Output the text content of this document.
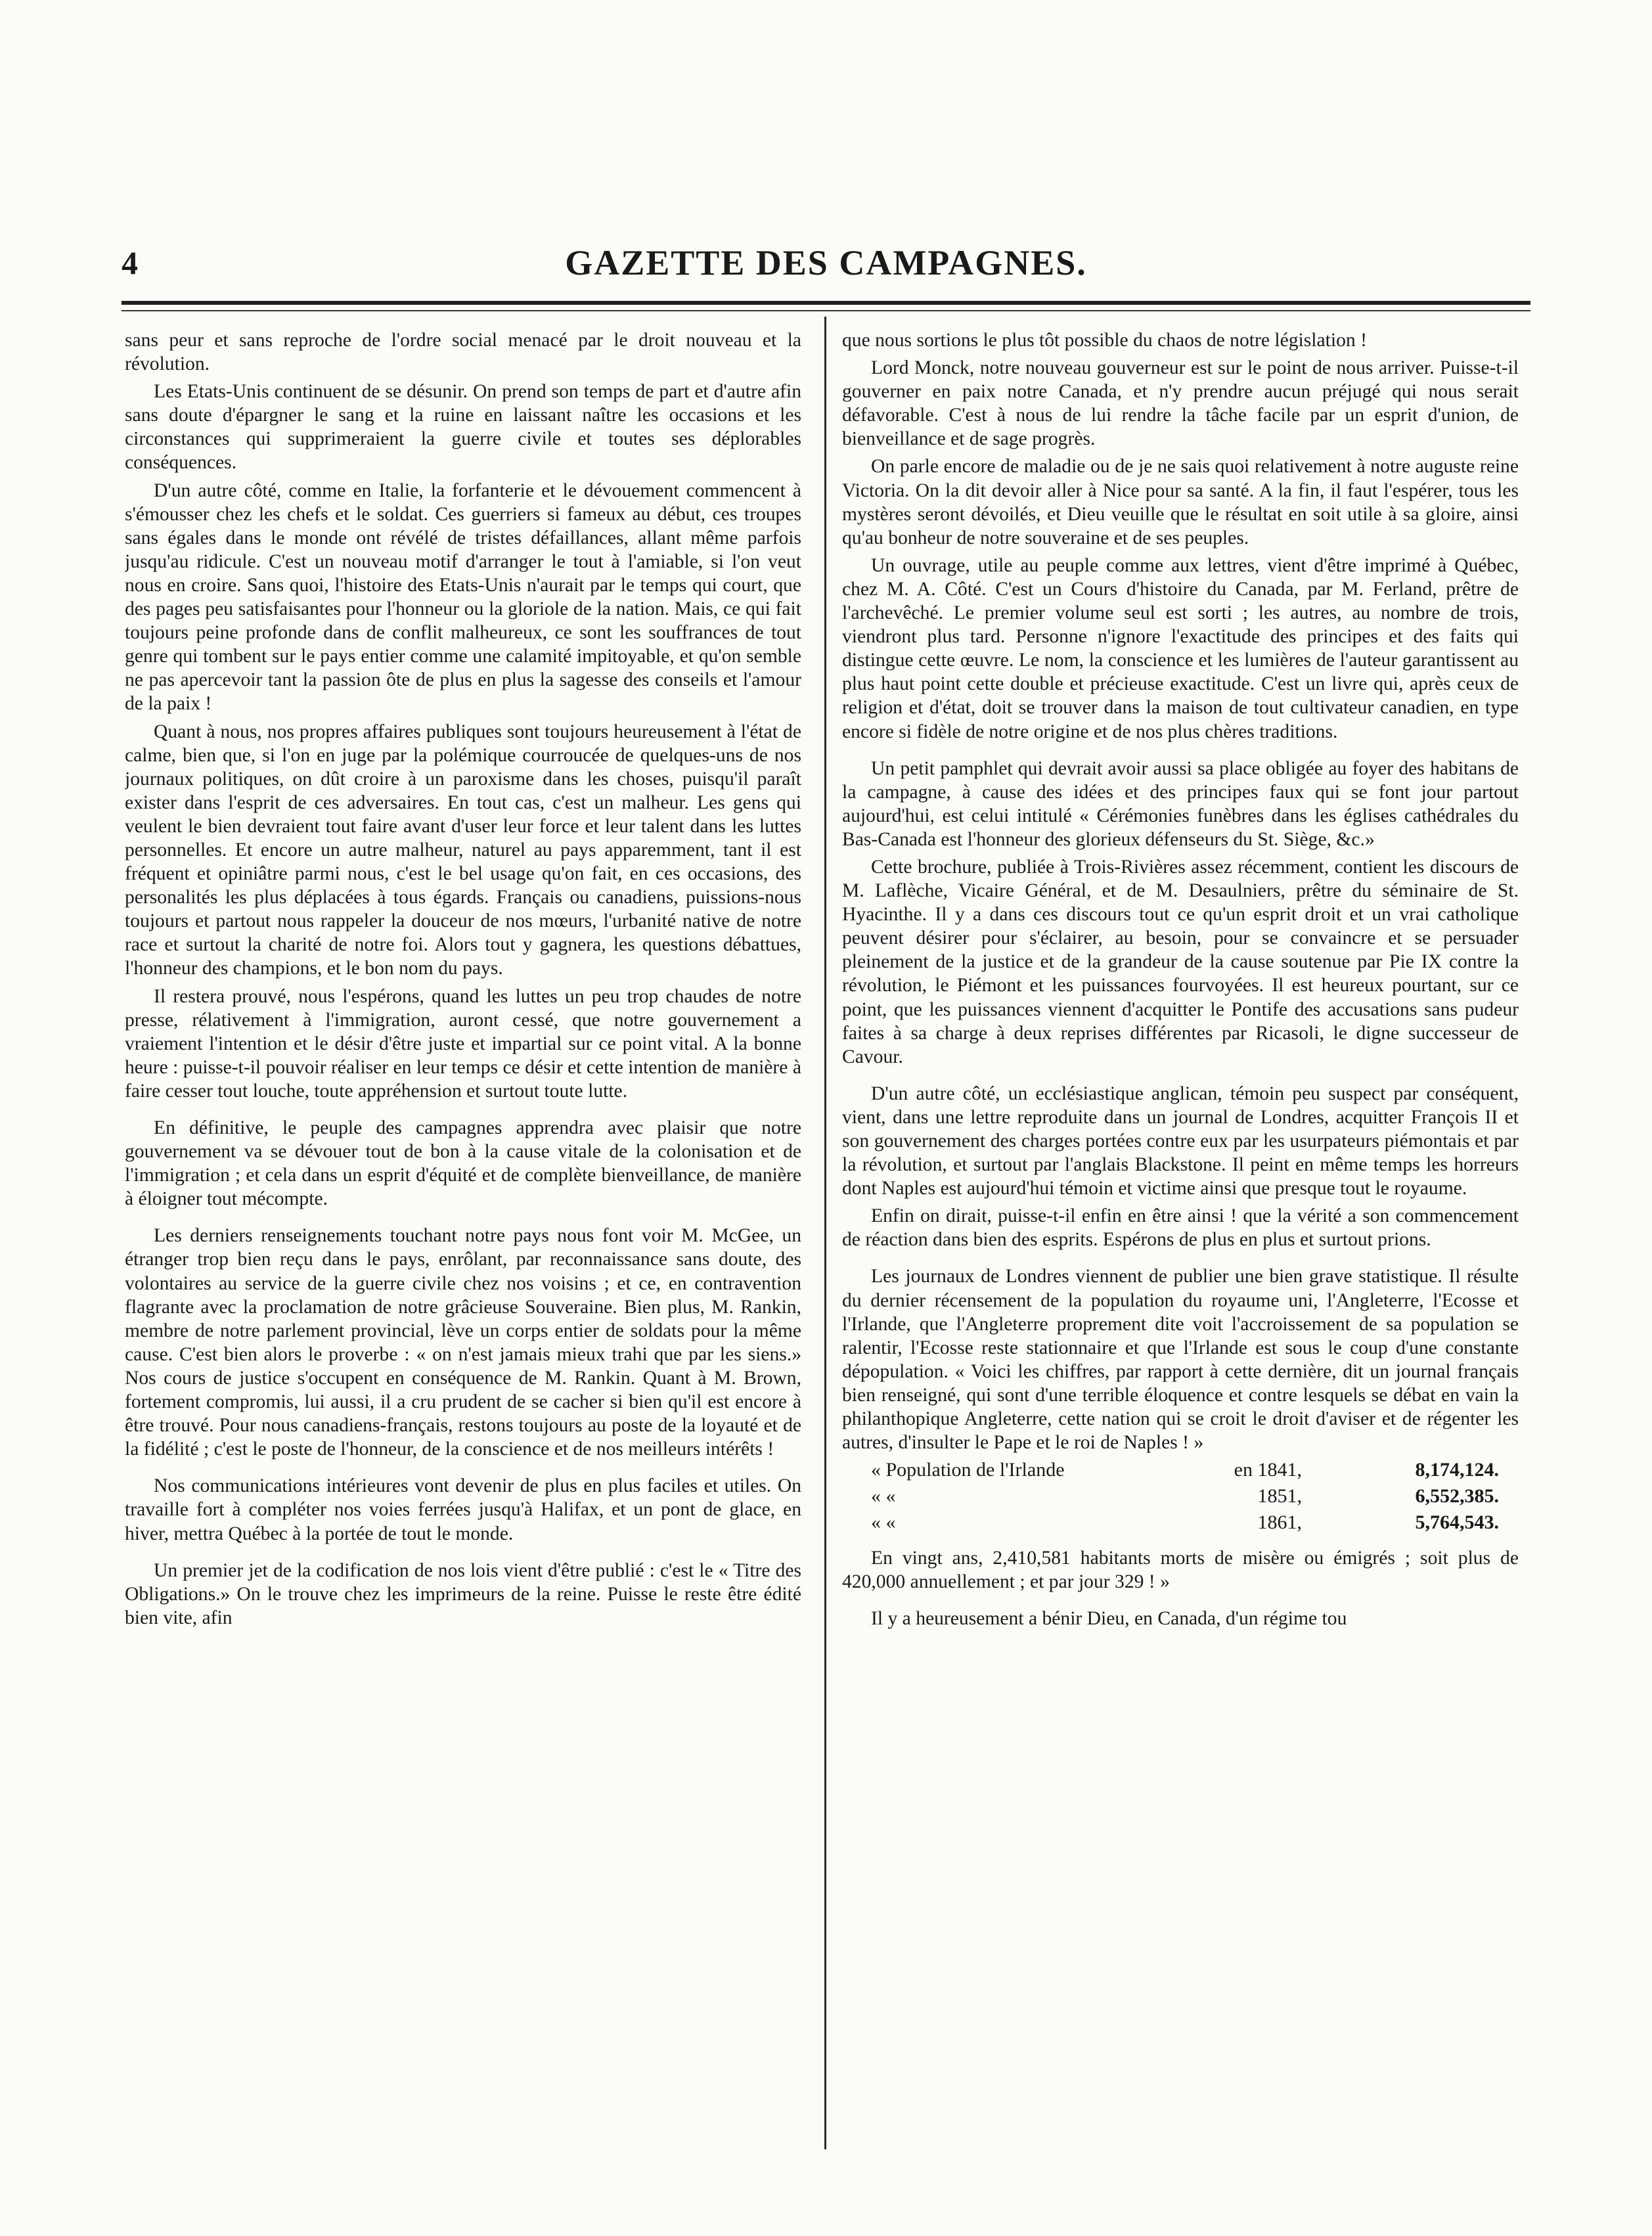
4	GAZETTE DES CAMPAGNES.

sans peur et sans reproche de l'ordre social menacé par le droit nouveau et la révolution.

Les Etats-Unis continuent de se désunir. On prend son temps de part et d'autre afin sans doute d'épargner le sang et la ruine en laissant naître les occasions et les circonstances qui supprimeraient la guerre civile et toutes ses déplorables conséquences.

D'un autre côté, comme en Italie, la forfanterie et le dévouement commencent à s'émousser chez les chefs et le soldat. Ces guerriers si fameux au début, ces troupes sans égales dans le monde ont révélé de tristes défaillances, allant même parfois jusqu'au ridicule. C'est un nouveau motif d'arranger le tout à l'amiable, si l'on veut nous en croire. Sans quoi, l'histoire des Etats-Unis n'aurait par le temps qui court, que des pages peu satisfaisantes pour l'honneur ou la gloriole de la nation. Mais, ce qui fait toujours peine profonde dans de conflit malheureux, ce sont les souffrances de tout genre qui tombent sur le pays entier comme une calamité impitoyable, et qu'on semble ne pas apercevoir tant la passion ôte de plus en plus la sagesse des conseils et l'amour de la paix !

Quant à nous, nos propres affaires publiques sont toujours heureusement à l'état de calme, bien que, si l'on en juge par la polémique courroucée de quelques-uns de nos journaux politiques, on dût croire à un paroxisme dans les choses, puisqu'il paraît exister dans l'esprit de ces adversaires. En tout cas, c'est un malheur. Les gens qui veulent le bien devraient tout faire avant d'user leur force et leur talent dans les luttes personnelles. Et encore un autre malheur, naturel au pays apparemment, tant il est fréquent et opiniâtre parmi nous, c'est le bel usage qu'on fait, en ces occasions, des personalités les plus déplacées à tous égards. Français ou canadiens, puissions-nous toujours et partout nous rappeler la douceur de nos mœurs, l'urbanité native de notre race et surtout la charité de notre foi. Alors tout y gagnera, les questions débattues, l'honneur des champions, et le bon nom du pays.

Il restera prouvé, nous l'espérons, quand les luttes un peu trop chaudes de notre presse, rélativement à l'immigration, auront cessé, que notre gouvernement a vraiement l'intention et le désir d'être juste et impartial sur ce point vital. A la bonne heure : puisse-t-il pouvoir réaliser en leur temps ce désir et cette intention de manière à faire cesser tout louche, toute appréhension et surtout toute lutte.

En définitive, le peuple des campagnes apprendra avec plaisir que notre gouvernement va se dévouer tout de bon à la cause vitale de la colonisation et de l'immigration ; et cela dans un esprit d'équité et de complète bienveillance, de manière à éloigner tout mécompte.

Les derniers renseignements touchant notre pays nous font voir M. McGee, un étranger trop bien reçu dans le pays, enrôlant, par reconnaissance sans doute, des volontaires au service de la guerre civile chez nos voisins ; et ce, en contravention flagrante avec la proclamation de notre grâcieuse Souveraine. Bien plus, M. Rankin, membre de notre parlement provincial, lève un corps entier de soldats pour la même cause. C'est bien alors le proverbe : « on n'est jamais mieux trahi que par les siens.» Nos cours de justice s'occupent en conséquence de M. Rankin. Quant à M. Brown, fortement compromis, lui aussi, il a cru prudent de se cacher si bien qu'il est encore à être trouvé. Pour nous canadiens-français, restons toujours au poste de la loyauté et de la fidélité ; c'est le poste de l'honneur, de la conscience et de nos meilleurs intérêts !

Nos communications intérieures vont devenir de plus en plus faciles et utiles. On travaille fort à compléter nos voies ferrées jusqu'à Halifax, et un pont de glace, en hiver, mettra Québec à la portée de tout le monde.

Un premier jet de la codification de nos lois vient d'être publié : c'est le « Titre des Obligations.» On le trouve chez les imprimeurs de la reine. Puisse le reste être édité bien vite, afin

que nous sortions le plus tôt possible du chaos de notre législation !

Lord Monck, notre nouveau gouverneur est sur le point de nous arriver. Puisse-t-il gouverner en paix notre Canada, et n'y prendre aucun préjugé qui nous serait défavorable. C'est à nous de lui rendre la tâche facile par un esprit d'union, de bienveillance et de sage progrès.

On parle encore de maladie ou de je ne sais quoi relativement à notre auguste reine Victoria. On la dit devoir aller à Nice pour sa santé. A la fin, il faut l'espérer, tous les mystères seront dévoilés, et Dieu veuille que le résultat en soit utile à sa gloire, ainsi qu'au bonheur de notre souveraine et de ses peuples.

Un ouvrage, utile au peuple comme aux lettres, vient d'être imprimé à Québec, chez M. A. Côté. C'est un Cours d'histoire du Canada, par M. Ferland, prêtre de l'archevêché. Le premier volume seul est sorti ; les autres, au nombre de trois, viendront plus tard. Personne n'ignore l'exactitude des principes et des faits qui distingue cette œuvre. Le nom, la conscience et les lumières de l'auteur garantissent au plus haut point cette double et précieuse exactitude. C'est un livre qui, après ceux de religion et d'état, doit se trouver dans la maison de tout cultivateur canadien, en type encore si fidèle de notre origine et de nos plus chères traditions.

Un petit pamphlet qui devrait avoir aussi sa place obligée au foyer des habitans de la campagne, à cause des idées et des principes faux qui se font jour partout aujourd'hui, est celui intitulé « Cérémonies funèbres dans les églises cathédrales du Bas-Canada est l'honneur des glorieux défenseurs du St. Siège, &c.»

Cette brochure, publiée à Trois-Rivières assez récemment, contient les discours de M. Laflèche, Vicaire Général, et de M. Desaulniers, prêtre du séminaire de St. Hyacinthe. Il y a dans ces discours tout ce qu'un esprit droit et un vrai catholique peuvent désirer pour s'éclairer, au besoin, pour se convaincre et se persuader pleinement de la justice et de la grandeur de la cause soutenue par Pie IX contre la révolution, le Piémont et les puissances fourvoyées. Il est heureux pourtant, sur ce point, que les puissances viennent d'acquitter le Pontife des accusations sans pudeur faites à sa charge à deux reprises différentes par Ricasoli, le digne successeur de Cavour.

D'un autre côté, un ecclésiastique anglican, témoin peu suspect par conséquent, vient, dans une lettre reproduite dans un journal de Londres, acquitter François II et son gouvernement des charges portées contre eux par les usurpateurs piémontais et par la révolution, et surtout par l'anglais Blackstone. Il peint en même temps les horreurs dont Naples est aujourd'hui témoin et victime ainsi que presque tout le royaume.

Enfin on dirait, puisse-t-il enfin en être ainsi ! que la vérité a son commencement de réaction dans bien des esprits. Espérons de plus en plus et surtout prions.

Les journaux de Londres viennent de publier une bien grave statistique. Il résulte du dernier récensement de la population du royaume uni, l'Angleterre, l'Ecosse et l'Irlande, que l'Angleterre proprement dite voit l'accroissement de sa population se ralentir, l'Ecosse reste stationnaire et que l'Irlande est sous le coup d'une constante dépopulation. « Voici les chiffres, par rapport à cette dernière, dit un journal français bien renseigné, qui sont d'une terrible éloquence et contre lesquels se débat en vain la philanthopique Angleterre, cette nation qui se croit le droit d'aviser et de régenter les autres, d'insulter le Pape et le roi de Naples ! »

« Population de l'Irlande	en 1841,	8,174,124.
« «	1851,	6,552,385.
« «	1861,	5,764,543.

En vingt ans, 2,410,581 habitants morts de misère ou émigrés ; soit plus de 420,000 annuellement ; et par jour 329 ! »

Il y a heureusement a bénir Dieu, en Canada, d'un régime tou
